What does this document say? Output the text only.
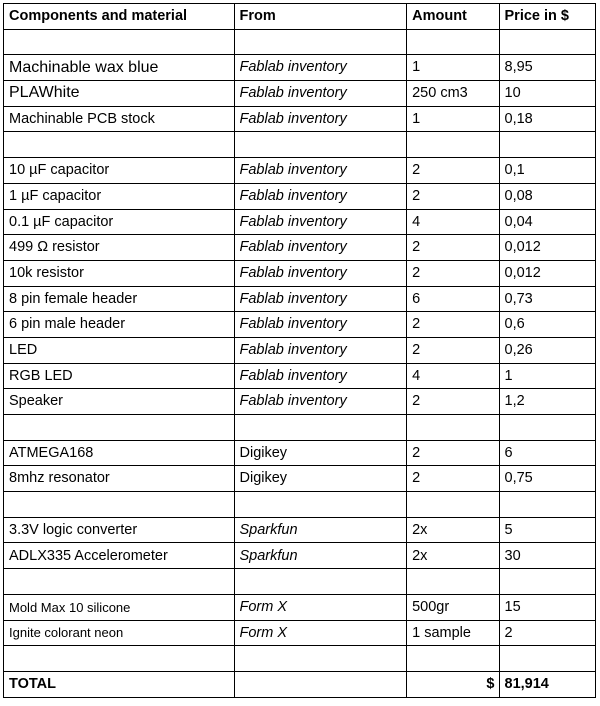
Components and material	From	Amount	Price in $

Machinable wax blue	Fablab inventory	1	8,95
PLAWhite	Fablab inventory	250 cm3	10
Machinable PCB stock	Fablab inventory	1	0,18

10 µF capacitor	Fablab inventory	2	0,1
1 µF capacitor	Fablab inventory	2	0,08
0.1 µF capacitor	Fablab inventory	4	0,04
499 Ω resistor	Fablab inventory	2	0,012
10k resistor	Fablab inventory	2	0,012
8 pin female header	Fablab inventory	6	0,73
6 pin male header	Fablab inventory	2	0,6
LED	Fablab inventory	2	0,26
RGB LED	Fablab inventory	4	1
Speaker	Fablab inventory	2	1,2

ATMEGA168	Digikey	2	6
8mhz resonator	Digikey	2	0,75

3.3V logic converter	Sparkfun	2x	5
ADLX335 Accelerometer	Sparkfun	2x	30

Mold Max 10 silicone	Form X	500gr	15
Ignite colorant neon	Form X	1 sample	2

TOTAL		$	81,914
